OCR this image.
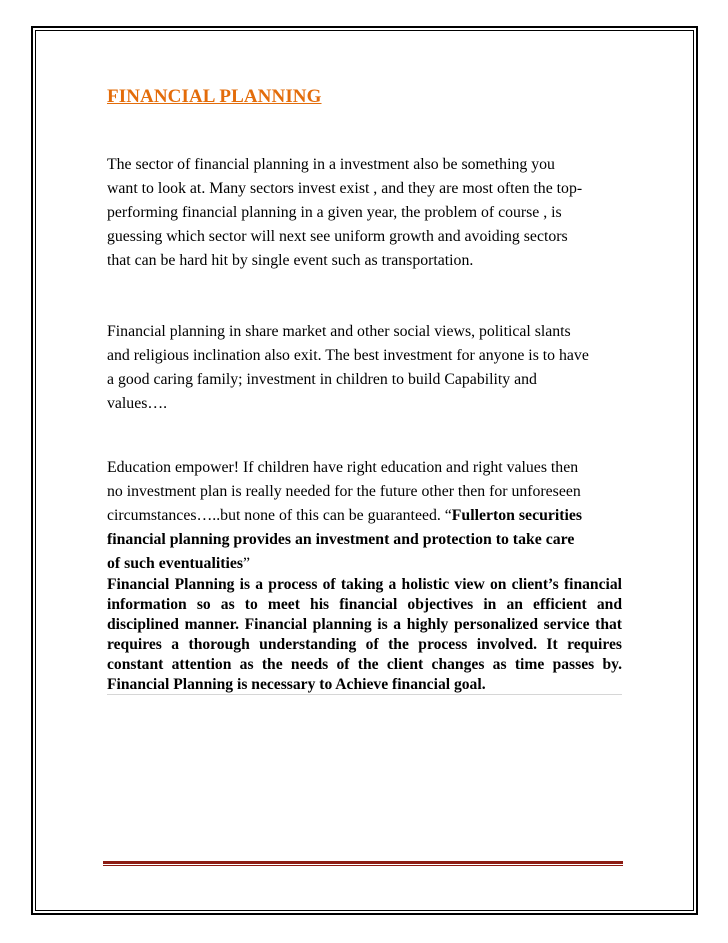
FINANCIAL PLANNING

The sector of financial planning in a investment also be something you
want to look at. Many sectors invest exist , and they are most often the top-
performing financial planning in a given year, the problem of course , is
guessing which sector will next see uniform growth and avoiding sectors
that can be hard hit by single event such as transportation.

Financial planning in share market and other social views, political slants
and religious inclination also exit. The best investment for anyone is to have
a good caring family; investment in children to build Capability and
values….

Education empower! If children have right education and right values then
no investment plan is really needed for the future other then for unforeseen
circumstances…..but none of this can be guaranteed. “Fullerton securities
financial planning provides an investment and protection to take care
of such eventualities”

Financial Planning is a process of taking a holistic view on client’s financial information so as to meet his financial objectives in an efficient and disciplined manner. Financial planning is a highly personalized service that requires a thorough understanding of the process involved. It requires constant attention as the needs of the client changes as time passes by. Financial Planning is necessary to Achieve financial goal.
